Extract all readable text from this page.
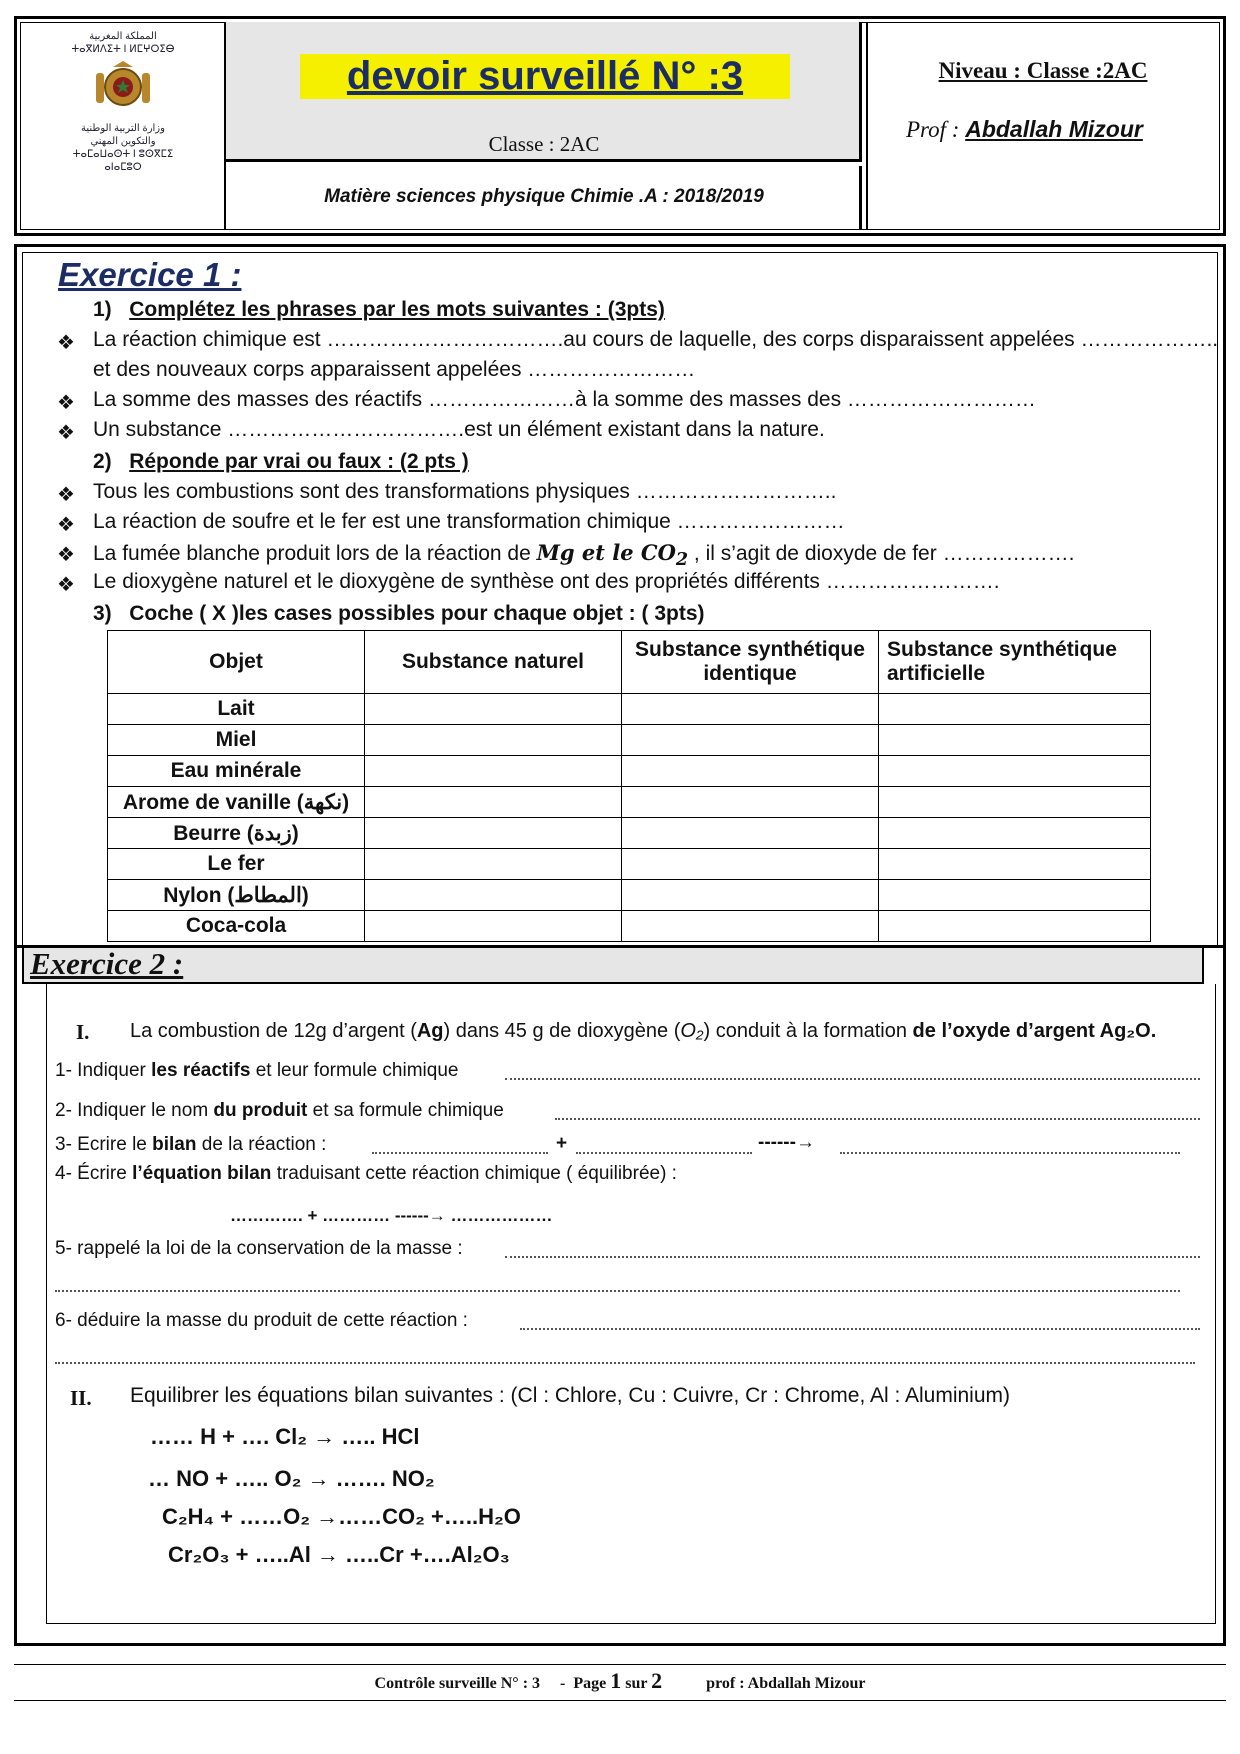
المملكة المغربية
ⵜⴰⴳⵍⴷⵉⵜ ⵏ ⵍⵎⵖⵔⵉⴱ
وزارة التربية الوطنية
والتكوين المهني
ⵜⴰⵎⴰⵡⴰⵙⵜ ⵏ ⵓⵙⴳⵎⵉ
ⴰⵏⴰⵎⵓⵔ
devoir surveillé N° :3
Classe : 2AC
Matière sciences physique Chimie .A : 2018/2019
Niveau : Classe :2AC
Prof : Abdallah Mizour
Exercice 1 :
1) Complétez les phrases par les mots suivantes : (3pts)
❖ La réaction chimique est …………………………….au cours de laquelle, des corps disparaissent appelées ………………..
et des nouveaux corps apparaissent appelées ……………………
❖ La somme des masses des réactifs …………………à la somme des masses des ………………………
❖ Un substance …………………………….est un élément existant dans la nature.
2) Réponde par vrai ou faux : (2 pts )
❖ Tous les combustions sont des transformations physiques ………………………..
❖ La réaction de soufre et le fer est une transformation chimique ……………………
❖ La fumée blanche produit lors de la réaction de Mg et le $CO_2$ , il s’agit de dioxyde de fer ……………….
❖ Le dioxygène naturel et le dioxygène de synthèse ont des propriétés différents …………………….
3) Coche ( X )les cases possibles pour chaque objet : ( 3pts)
Objet	Substance naturel	Substance synthétique identique	Substance synthétique artificielle
Lait			
Miel			
Eau minérale			
Arome de vanille (نكهة)			
Beurre (زبدة)			
Le fer			
Nylon (المطاط)			
Coca-cola			
Exercice 2 :
I. La combustion de 12g d’argent (Ag) dans 45 g de dioxygène (O₂) conduit à la formation de l’oxyde d’argent Ag₂O.
1- Indiquer les réactifs et leur formule chimique
2- Indiquer le nom du produit et sa formule chimique
3- Ecrire le bilan de la réaction :	+	------→
4- Écrire l’équation bilan traduisant cette réaction chimique ( équilibrée) :
…………. + ………… ------→ ………………
5- rappelé la loi de la conservation de la masse :
6- déduire la masse du produit de cette réaction :
II. Equilibrer les équations bilan suivantes : (Cl : Chlore, Cu : Cuivre, Cr : Chrome, Al : Aluminium)
…… H + …. Cl₂ → ….. HCl
… NO + ….. O₂ → ……. NO₂
C₂H₄ + ……O₂ →……CO₂ +…..H₂O
Cr₂O₃ + …..Al → …..Cr +….Al₂O₃
Contrôle surveille N° : 3     -  Page 1 sur 2           prof : Abdallah Mizour
